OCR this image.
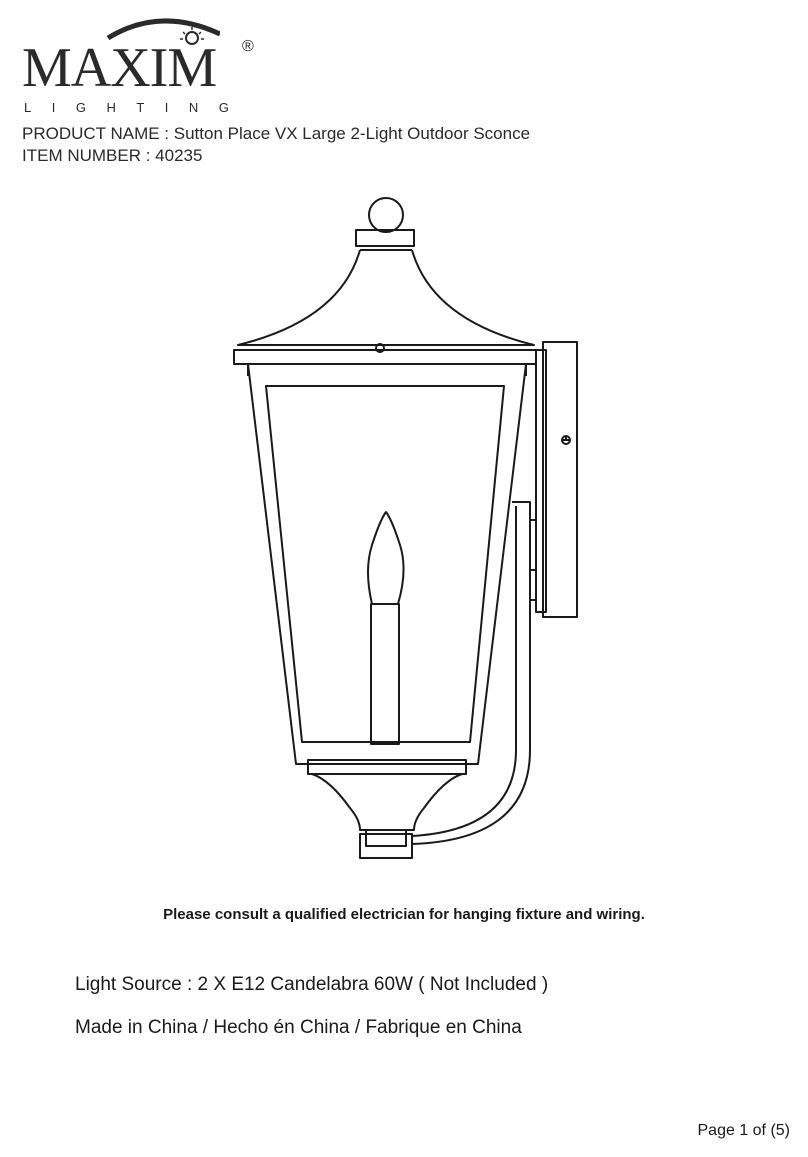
MAXIM ®
LIGHTING
PRODUCT NAME : Sutton Place VX Large 2-Light Outdoor Sconce
ITEM NUMBER : 40235
Please consult a qualified electrician for hanging fixture and wiring.
Light Source : 2 X E12 Candelabra 60W ( Not Included )
Made in China / Hecho én China / Fabrique en China
Page 1 of (5)
